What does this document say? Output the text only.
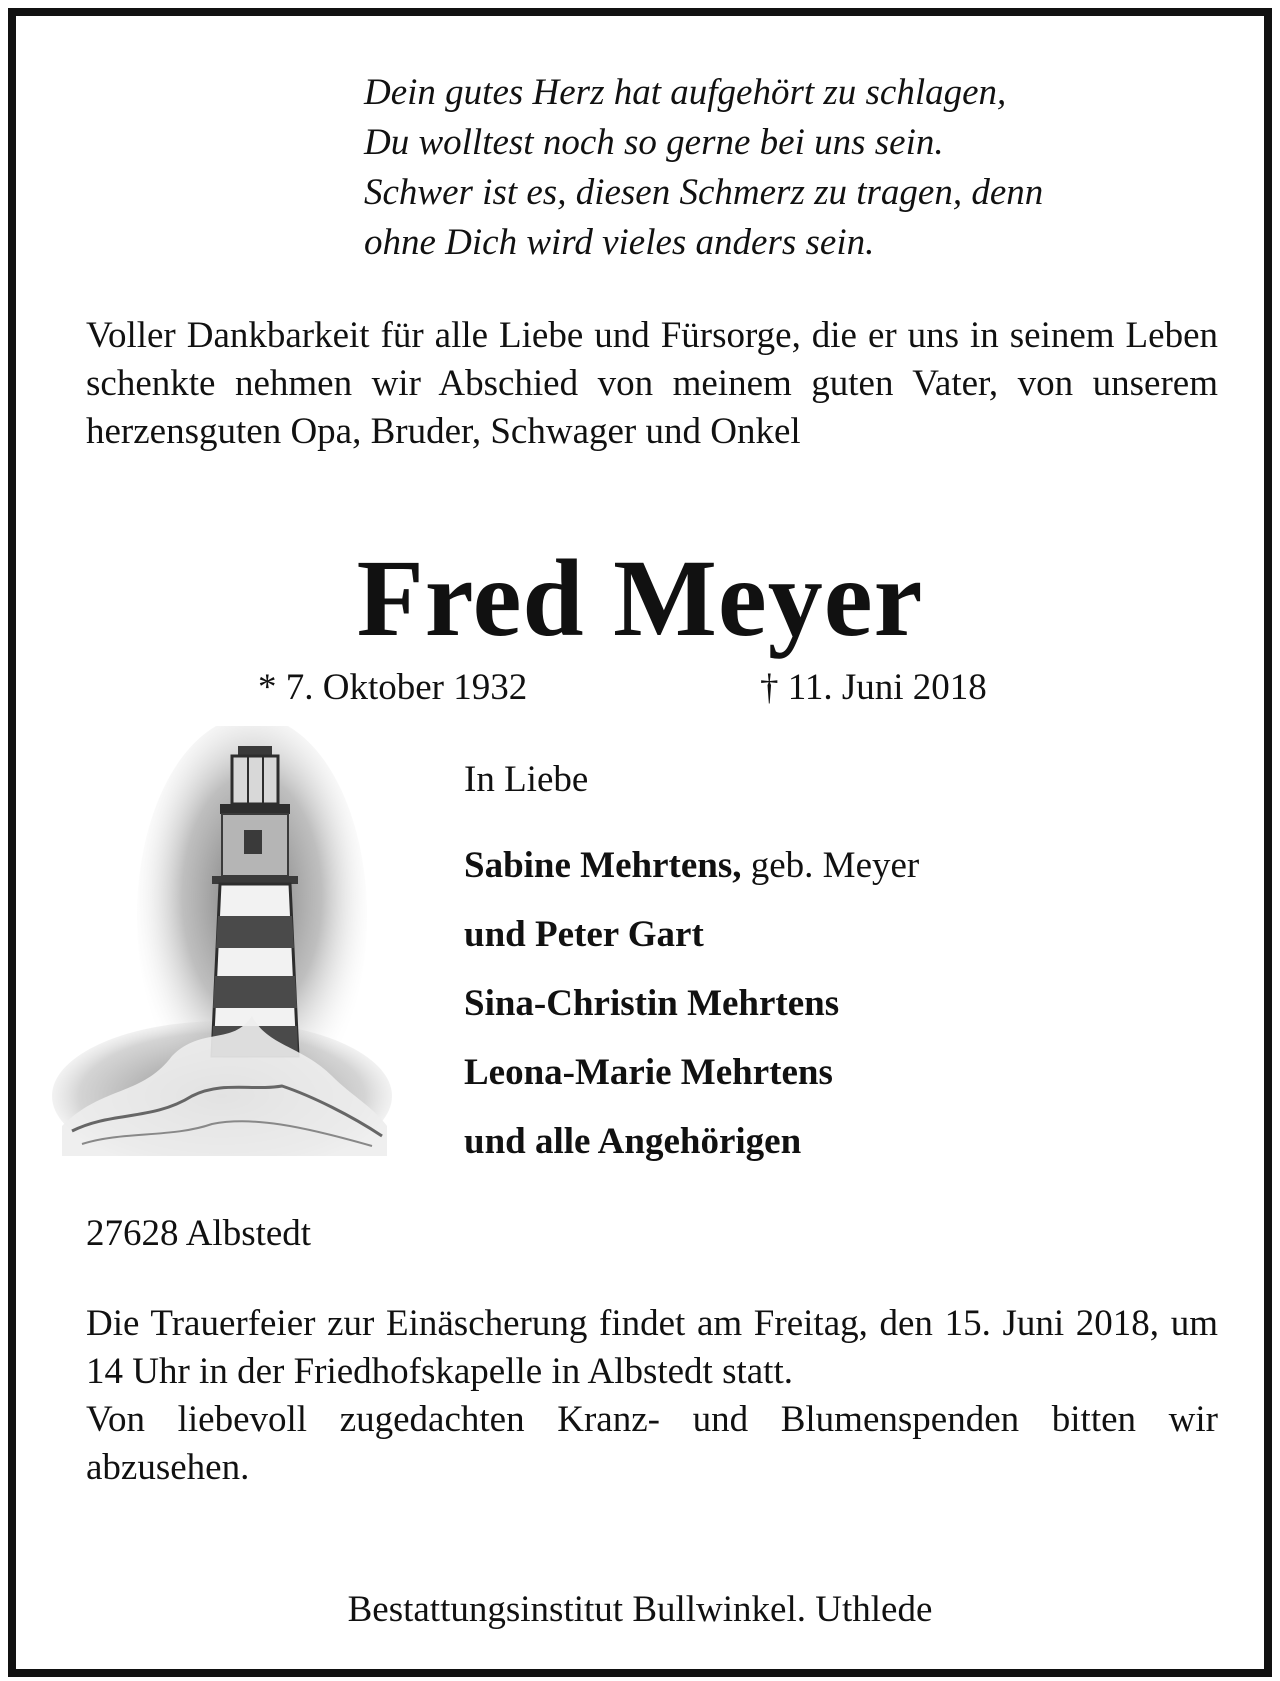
Dein gutes Herz hat aufgehört zu schlagen,
Du wolltest noch so gerne bei uns sein.
Schwer ist es, diesen Schmerz zu tragen, denn
ohne Dich wird vieles anders sein.
Voller Dankbarkeit für alle Liebe und Fürsorge, die er uns in seinem Leben schenkte nehmen wir Abschied von meinem guten Vater, von unserem herzensguten Opa, Bruder, Schwager und Onkel
Fred Meyer
* 7. Oktober 1932	† 11. Juni 2018
In Liebe
Sabine Mehrtens, geb. Meyer
und Peter Gart
Sina-Christin Mehrtens
Leona-Marie Mehrtens
und alle Angehörigen
27628 Albstedt

Die Trauerfeier zur Einäscherung findet am Freitag, den 15. Juni 2018, um 14 Uhr in der Friedhofskapelle in Albstedt statt.

Von liebevoll zugedachten Kranz- und Blumenspenden bitten wir abzusehen.

Bestattungsinstitut Bullwinkel. Uthlede
